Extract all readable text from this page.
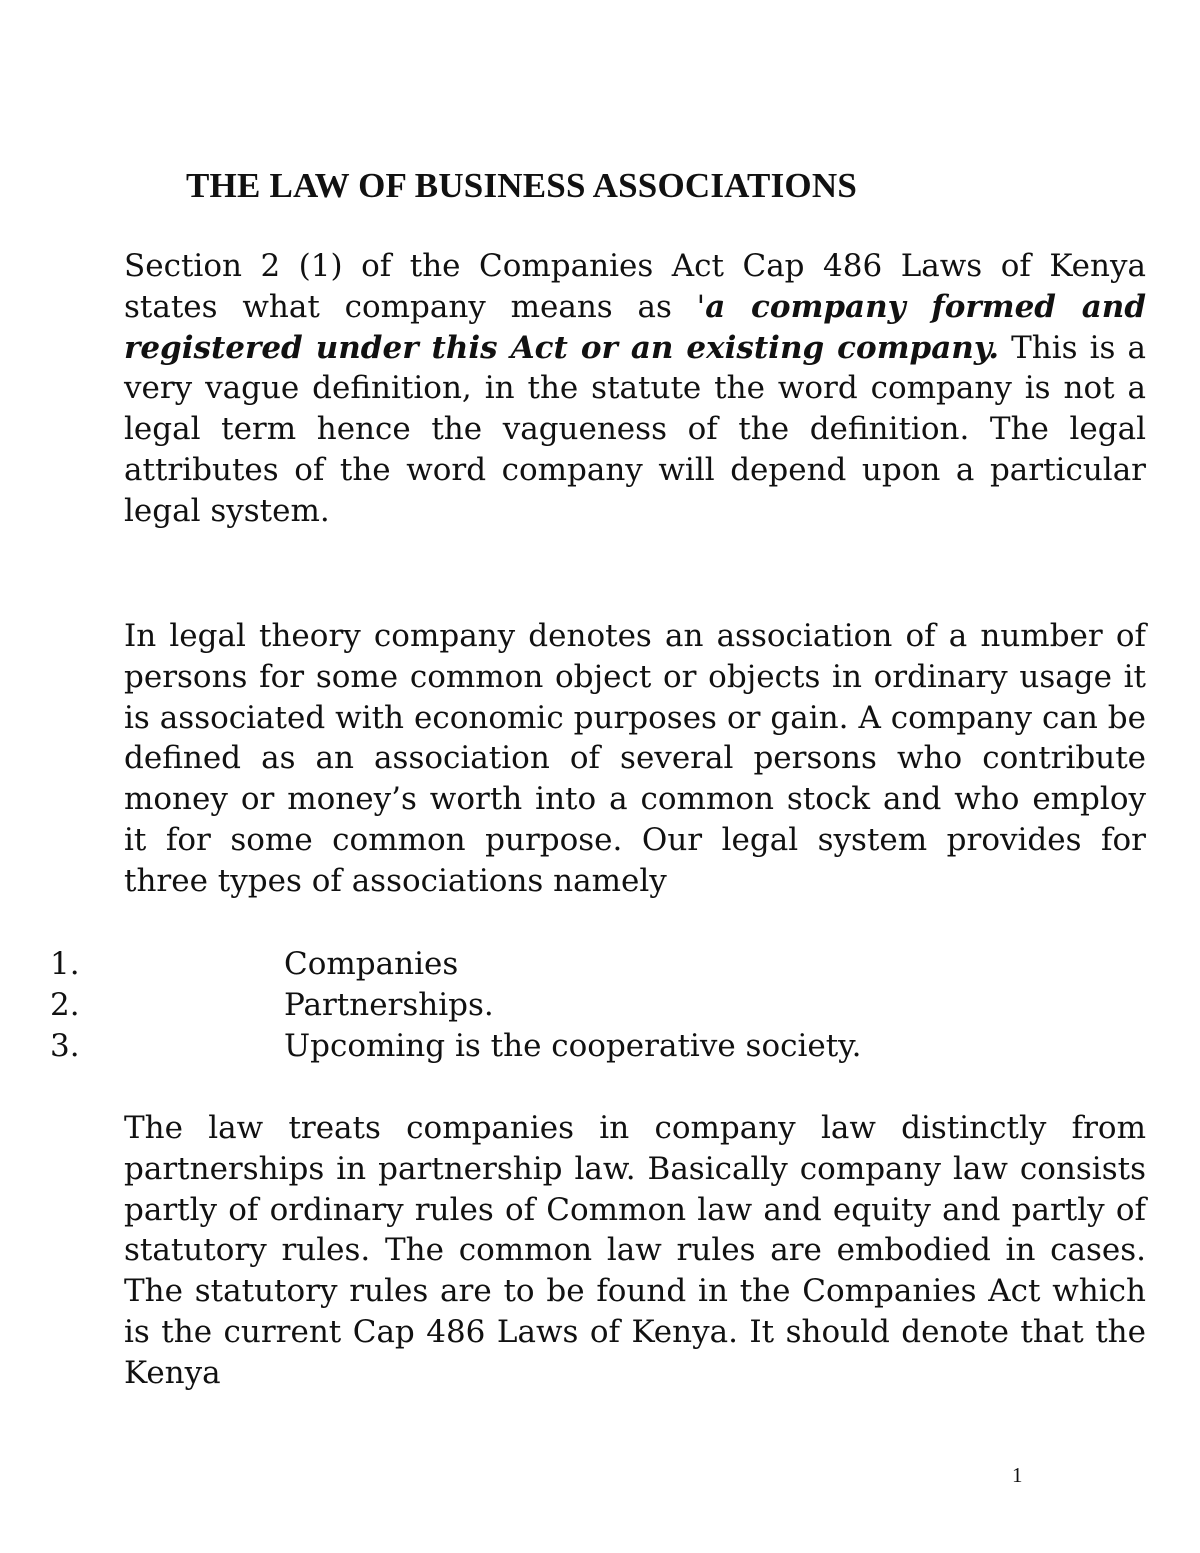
THE LAW OF BUSINESS ASSOCIATIONS

Section 2 (1) of the Companies Act Cap 486 Laws of Kenya states what company means as 'a company formed and registered under this Act or an existing company. This is a very vague definition, in the statute the word company is not a legal term hence the vagueness of the definition. The legal attributes of the word company will depend upon a particular legal system.

In legal theory company denotes an association of a number of persons for some common object or objects in ordinary usage it is associated with economic purposes or gain. A company can be defined as an association of several persons who contribute money or money’s worth into a common stock and who employ it for some common purpose. Our legal system provides for three types of associations namely

1.	Companies
2.	Partnerships.
3.	Upcoming is the cooperative society.

The law treats companies in company law distinctly from partnerships in partnership law. Basically company law consists partly of ordinary rules of Common law and equity and partly of statutory rules. The common law rules are embodied in cases. The statutory rules are to be found in the Companies Act which is the current Cap 486 Laws of Kenya. It should denote that the Kenya

1
